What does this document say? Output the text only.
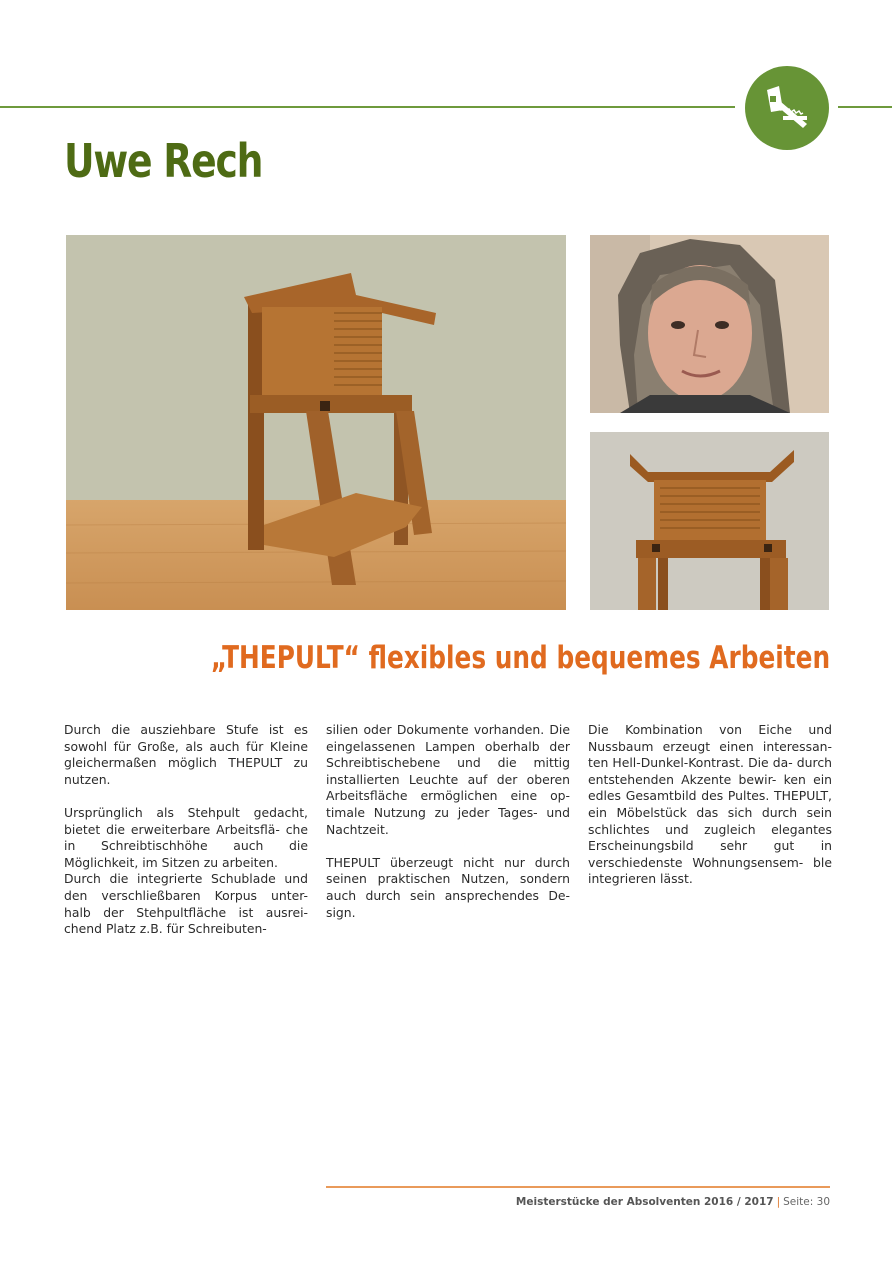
Uwe Rech
„THEPULT“ flexibles und bequemes Arbeiten

Durch die ausziehbare Stufe ist es sowohl für Große, als auch für Kleine gleichermaßen möglich THEPULT zu nutzen.

Ursprünglich als Stehpult gedacht, bietet die erweiterbare Arbeitsflä- che in Schreibtischhöhe auch die Möglichkeit, im Sitzen zu arbeiten.

Durch die integrierte Schublade und den verschließbaren Korpus unter- halb der Stehpultfläche ist ausrei- chend Platz z.B. für Schreibuten-

silien oder Dokumente vorhanden. Die eingelassenen Lampen oberhalb der Schreibtischebene und die mittig installierten Leuchte auf der oberen Arbeitsfläche ermöglichen eine op- timale Nutzung zu jeder Tages- und Nachtzeit.

THEPULT überzeugt nicht nur durch seinen praktischen Nutzen, sondern auch durch sein ansprechendes De- sign.

Die Kombination von Eiche und Nussbaum erzeugt einen interessan- ten Hell-Dunkel-Kontrast. Die da- durch entstehenden Akzente bewir- ken ein edles Gesamtbild des Pultes. THEPULT, ein Möbelstück das sich durch sein schlichtes und zugleich elegantes Erscheinungsbild sehr gut in verschiedenste Wohnungsensem- ble integrieren lässt.

Meisterstücke der Absolventen 2016 / 2017 | Seite: 30
